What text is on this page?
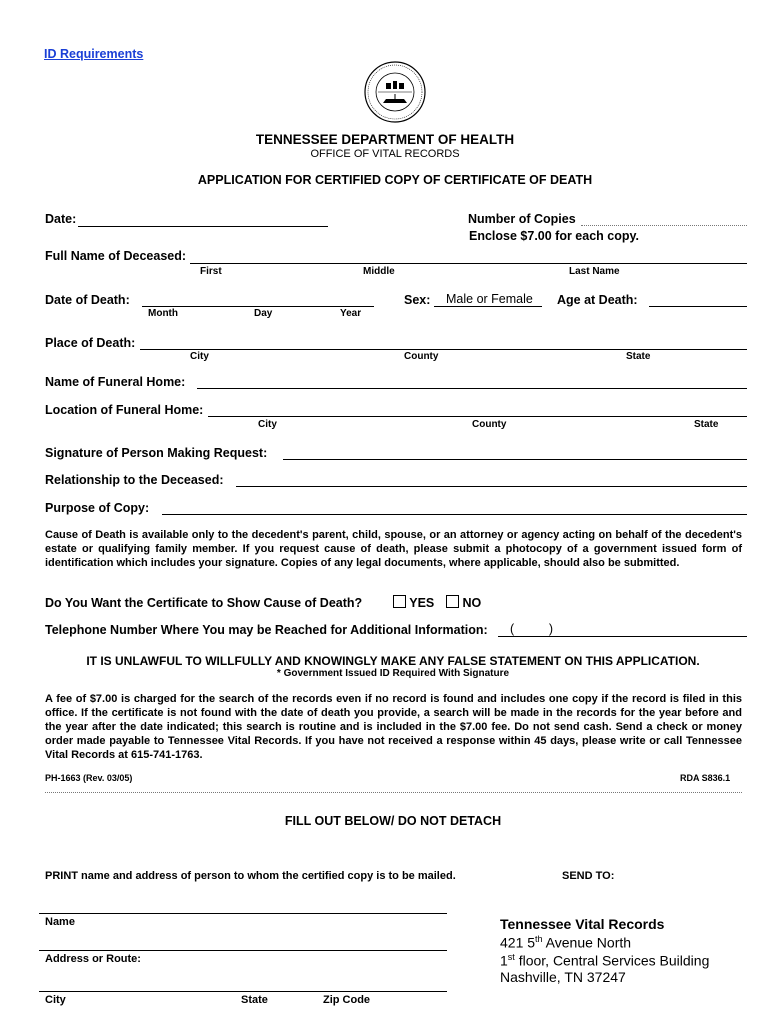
ID Requirements
TENNESSEE DEPARTMENT OF HEALTH
OFFICE OF VITAL RECORDS
APPLICATION FOR CERTIFIED COPY OF CERTIFICATE OF DEATH
Date:	Number of Copies
Enclose $7.00 for each copy.
Full Name of Deceased:
First	Middle	Last Name
Date of Death:
Month	Day	Year
Sex: Male or Female Age at Death:
Place of Death:
City	County	State
Name of Funeral Home:
Location of Funeral Home:
City	County	State
Signature of Person Making Request:
Relationship to the Deceased:
Purpose of Copy:
Cause of Death is available only to the decedent's parent, child, spouse, or an attorney or agency acting on behalf of the decedent's estate or qualifying family member. If you request cause of death, please submit a photocopy of a government issued form of identification which includes your signature. Copies of any legal documents, where applicable, should also be submitted.
Do You Want the Certificate to Show Cause of Death?	YES	NO
Telephone Number Where You may be Reached for Additional Information: (          )
IT IS UNLAWFUL TO WILLFULLY AND KNOWINGLY MAKE ANY FALSE STATEMENT ON THIS APPLICATION.
* Government Issued ID Required With Signature
A fee of $7.00 is charged for the search of the records even if no record is found and includes one copy if the record is filed in this office. If the certificate is not found with the date of death you provide, a search will be made in the records for the year before and the year after the date indicated; this search is routine and is included in the $7.00 fee. Do not send cash. Send a check or money order made payable to Tennessee Vital Records. If you have not received a response within 45 days, please write or call Tennessee Vital Records at 615-741-1763.
PH-1663 (Rev. 03/05)	RDA S836.1
FILL OUT BELOW/ DO NOT DETACH
PRINT name and address of person to whom the certified copy is to be mailed.	SEND TO:
Name
Address or Route:
City	State	Zip Code
Tennessee Vital Records
421 5th Avenue North
1st floor, Central Services Building
Nashville, TN 37247
